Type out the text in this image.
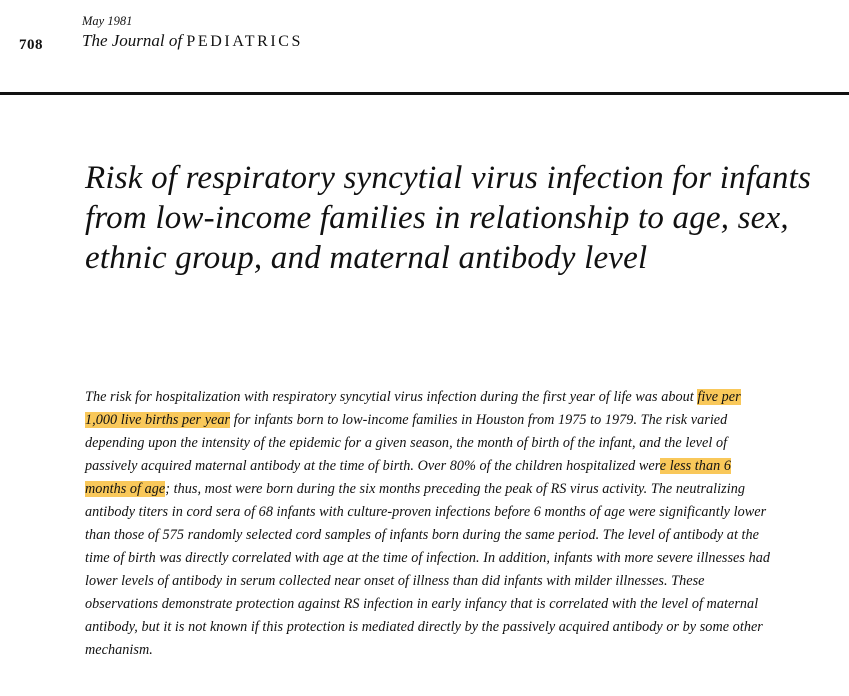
708
May 1981
The Journal of PEDIATRICS
Risk of respiratory syncytial virus infection for infants from low-income families in relationship to age, sex, ethnic group, and maternal antibody level

The risk for hospitalization with respiratory syncytial virus infection during the first year of life was about five per 1,000 live births per year for infants born to low-income families in Houston from 1975 to 1979. The risk varied depending upon the intensity of the epidemic for a given season, the month of birth of the infant, and the level of passively acquired maternal antibody at the time of birth. Over 80% of the children hospitalized were less than 6 months of age; thus, most were born during the six months preceding the peak of RS virus activity. The neutralizing antibody titers in cord sera of 68 infants with culture-proven infections before 6 months of age were significantly lower than those of 575 randomly selected cord samples of infants born during the same period. The level of antibody at the time of birth was directly correlated with age at the time of infection. In addition, infants with more severe illnesses had lower levels of antibody in serum collected near onset of illness than did infants with milder illnesses. These observations demonstrate protection against RS infection in early infancy that is correlated with the level of maternal antibody, but it is not known if this protection is mediated directly by the passively acquired antibody or by some other mechanism.
